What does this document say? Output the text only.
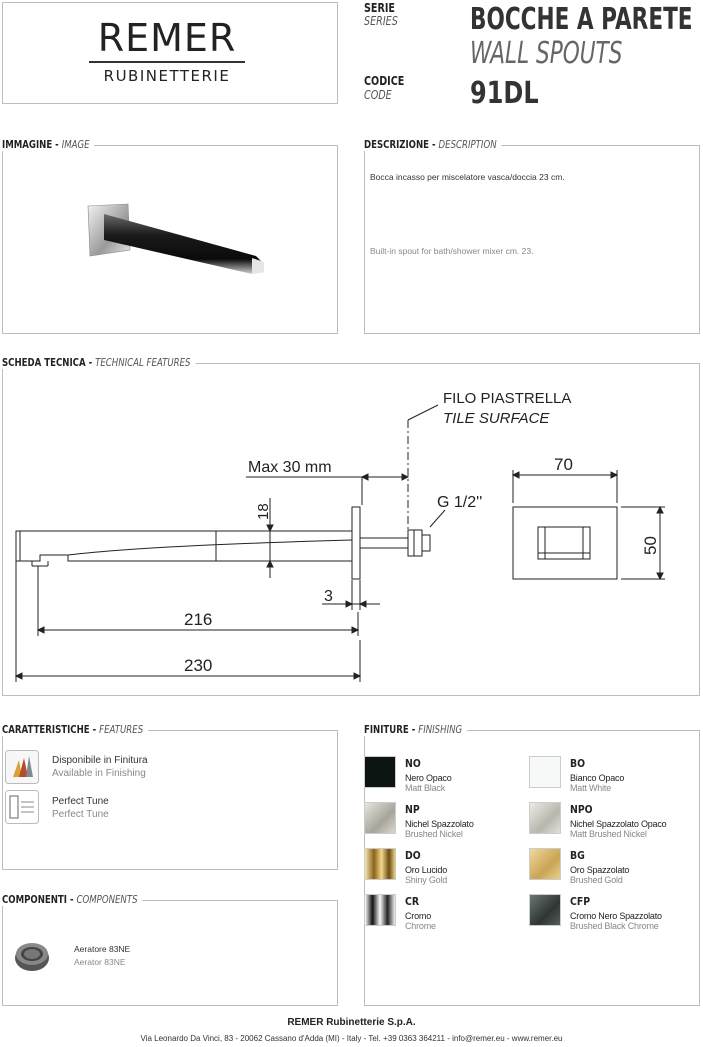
REMER
RUBINETTERIE
SERIE
SERIES BOCCHE A PARETE
WALL SPOUTS
CODICE
CODE	91DL
IMMAGINE - IMAGE	DESCRIZIONE - DESCRIPTION
Bocca incasso per miscelatore vasca/doccia 23 cm.
Built-in spout for bath/shower mixer cm. 23.
SCHEDA TECNICA - TECHNICAL FEATURES
FILO PIASTRELLA
TILE SURFACE
Max 30 mm
18
G 1/2''
3
216
230
70
50
CARATTERISTICHE - FEATURES
Disponibile in Finitura
Available in Finishing
Perfect Tune
Perfect Tune
COMPONENTI - COMPONENTS
Aeratore 83NE
Aerator 83NE
FINITURE - FINISHING
NO
Nero Opaco
Matt Black
NP
Nichel Spazzolato
Brushed Nickel
DO
Oro Lucido
Shiny Gold
CR
Cromo
Chrome
BO
Bianco Opaco
Matt White
NPO
Nichel Spazzolato Opaco
Matt Brushed Nickel
BG
Oro Spazzolato
Brushed Gold
CFP
Cromo Nero Spazzolato
Brushed Black Chrome
REMER Rubinetterie S.p.A.
Via Leonardo Da Vinci, 83 - 20062 Cassano d'Adda (MI) - Italy - Tel. +39 0363 364211 - info@remer.eu - www.remer.eu
